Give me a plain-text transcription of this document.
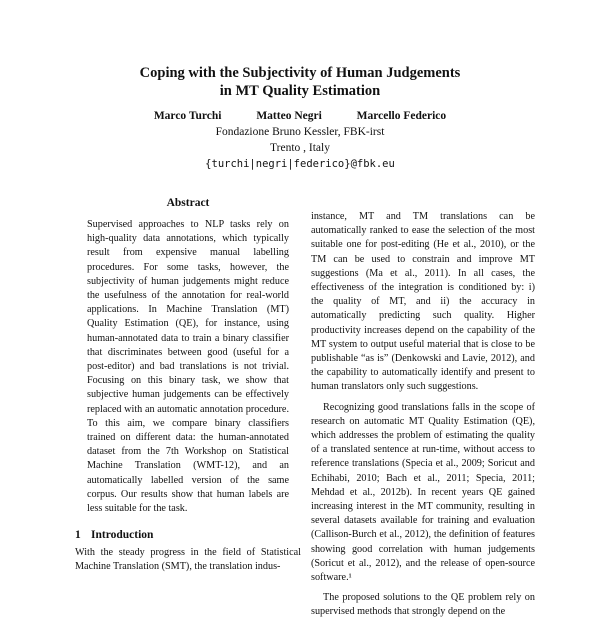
Coping with the Subjectivity of Human Judgements
in MT Quality Estimation
Marco Turchi	Matteo Negri	Marcello Federico
Fondazione Bruno Kessler, FBK-irst
Trento , Italy
{turchi|negri|federico}@fbk.eu
Abstract

Supervised approaches to NLP tasks rely on high-quality data annotations, which typically result from expensive manual labelling procedures. For some tasks, however, the subjectivity of human judgements might reduce the usefulness of the annotation for real-world applications. In Machine Translation (MT) Quality Estimation (QE), for instance, using human-annotated data to train a binary classifier that discriminates between good (useful for a post-editor) and bad translations is not trivial. Focusing on this binary task, we show that subjective human judgements can be effectively replaced with an automatic annotation procedure. To this aim, we compare binary classifiers trained on different data: the human-annotated dataset from the 7th Workshop on Statistical Machine Translation (WMT-12), and an automatically labelled version of the same corpus. Our results show that human labels are less suitable for the task.

1 Introduction

With the steady progress in the field of Statistical Machine Translation (SMT), the translation indus-

instance, MT and TM translations can be automatically ranked to ease the selection of the most suitable one for post-editing (He et al., 2010), or the TM can be used to constrain and improve MT suggestions (Ma et al., 2011). In all cases, the effectiveness of the integration is conditioned by: i) the quality of MT, and ii) the accuracy in automatically predicting such quality. Higher productivity increases depend on the capability of the MT system to output useful material that is close to be publishable “as is” (Denkowski and Lavie, 2012), and the capability to automatically identify and present to human translators only such suggestions.

Recognizing good translations falls in the scope of research on automatic MT Quality Estimation (QE), which addresses the problem of estimating the quality of a translated sentence at run-time, without access to reference translations (Specia et al., 2009; Soricut and Echihabi, 2010; Bach et al., 2011; Specia, 2011; Mehdad et al., 2012b). In recent years QE gained increasing interest in the MT community, resulting in several datasets available for training and evaluation (Callison-Burch et al., 2012), the definition of features showing good correlation with human judgements (Soricut et al., 2012), and the release of open-source software.¹

The proposed solutions to the QE problem rely on supervised methods that strongly depend on the
